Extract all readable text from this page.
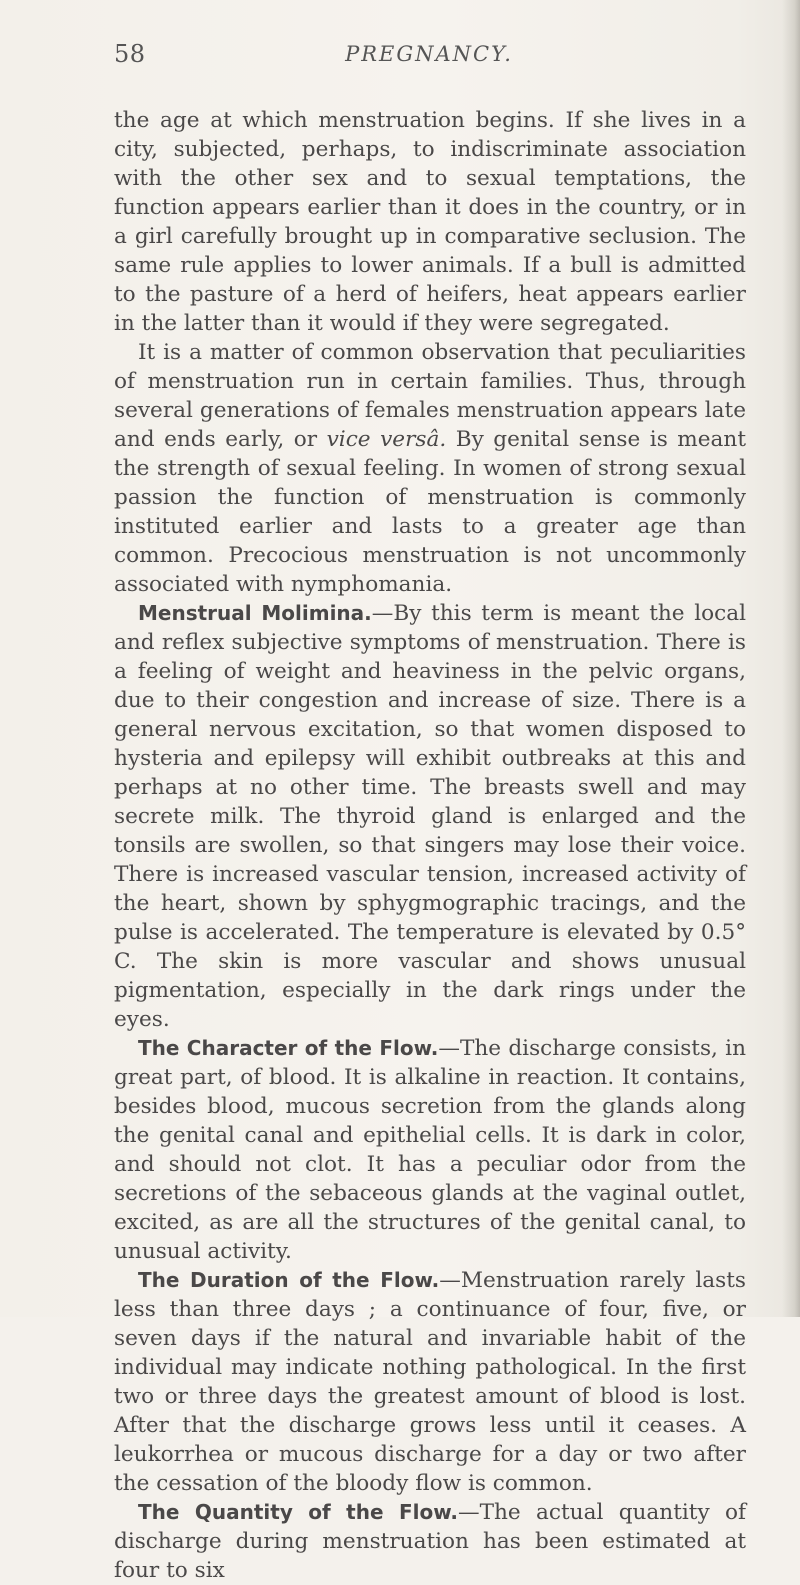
58	PREGNANCY.

the age at which menstruation begins. If she lives in a city, subjected, perhaps, to indiscriminate association with the other sex and to sexual temptations, the function appears earlier than it does in the country, or in a girl carefully brought up in comparative seclusion. The same rule applies to lower animals. If a bull is admitted to the pasture of a herd of heifers, heat appears earlier in the latter than it would if they were segregated.

It is a matter of common observation that peculiarities of menstruation run in certain families. Thus, through several generations of females menstruation appears late and ends early, or vice versâ. By genital sense is meant the strength of sexual feeling. In women of strong sexual passion the function of menstruation is commonly instituted earlier and lasts to a greater age than common. Precocious menstruation is not uncommonly associated with nymphomania.

Menstrual Molimina.—By this term is meant the local and reflex subjective symptoms of menstruation. There is a feeling of weight and heaviness in the pelvic organs, due to their congestion and increase of size. There is a general nervous excitation, so that women disposed to hysteria and epilepsy will exhibit outbreaks at this and perhaps at no other time. The breasts swell and may secrete milk. The thyroid gland is enlarged and the tonsils are swollen, so that singers may lose their voice. There is increased vascular tension, increased activity of the heart, shown by sphygmographic tracings, and the pulse is accelerated. The temperature is elevated by 0.5° C. The skin is more vascular and shows unusual pigmentation, especially in the dark rings under the eyes.

The Character of the Flow.—The discharge consists, in great part, of blood. It is alkaline in reaction. It contains, besides blood, mucous secretion from the glands along the genital canal and epithelial cells. It is dark in color, and should not clot. It has a peculiar odor from the secretions of the sebaceous glands at the vaginal outlet, excited, as are all the structures of the genital canal, to unusual activity.

The Duration of the Flow.—Menstruation rarely lasts less than three days ; a continuance of four, five, or seven days if the natural and invariable habit of the individual may indicate nothing pathological. In the first two or three days the greatest amount of blood is lost. After that the discharge grows less until it ceases. A leukorrhea or mucous discharge for a day or two after the cessation of the bloody flow is common.

The Quantity of the Flow.—The actual quantity of discharge during menstruation has been estimated at four to six
